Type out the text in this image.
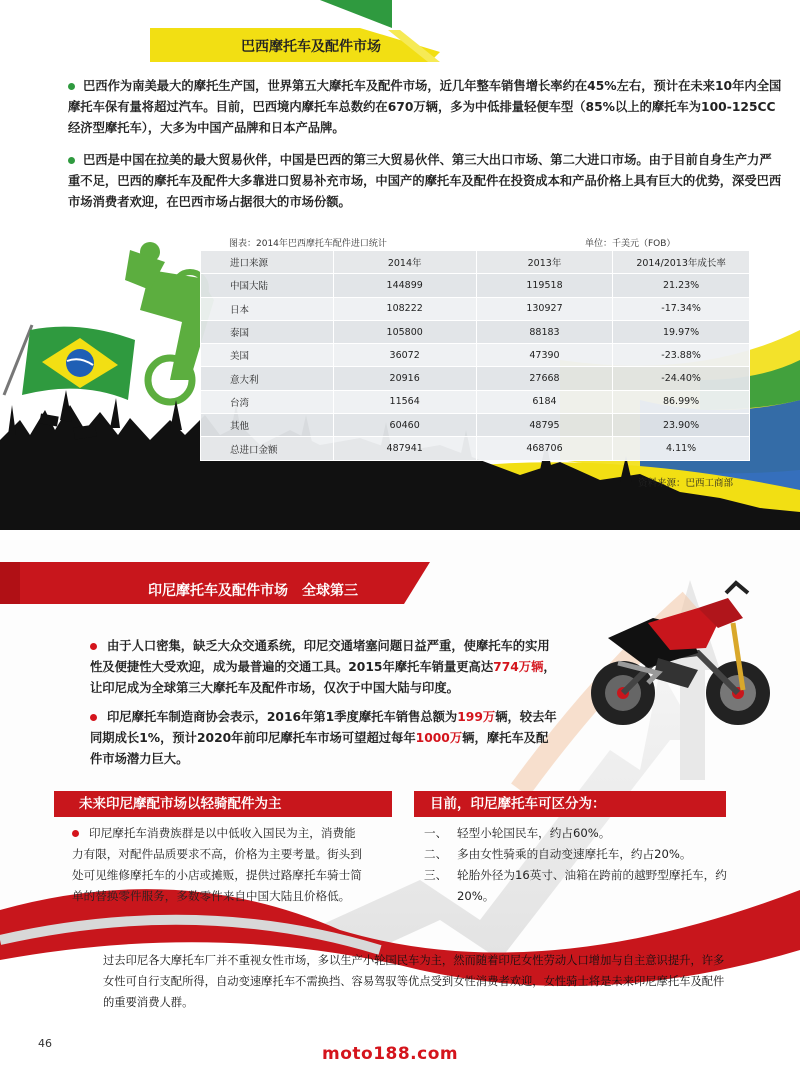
巴西摩托车及配件市场
巴西作为南美最大的摩托生产国，世界第五大摩托车及配件市场，近几年整车销售增长率约在45%左右，预计在未来10年内全国摩托车保有量将超过汽车。目前，巴西境内摩托车总数约在670万辆，多为中低排量轻便车型（85%以上的摩托车为100-125CC经济型摩托车），大多为中国产品牌和日本产品牌。
巴西是中国在拉美的最大贸易伙伴，中国是巴西的第三大贸易伙伴、第三大出口市场、第二大进口市场。由于目前自身生产力严重不足，巴西的摩托车及配件大多靠进口贸易补充市场，中国产的摩托车及配件在投资成本和产品价格上具有巨大的优势，深受巴西市场消费者欢迎，在巴西市场占据很大的市场份额。
图表：2014年巴西摩托车配件进口统计	单位：千美元（FOB）
进口来源	2014年	2013年	2014/2013年成长率
中国大陆	144899	119518	21.23%
日本	108222	130927	-17.34%
泰国	105800	88183	19.97%
美国	36072	47390	-23.88%
意大利	20916	27668	-24.40%
台湾	11564	6184	86.99%
其他	60460	48795	23.90%
总进口金额	487941	468706	4.11%
资料来源：巴西工商部
印尼摩托车及配件市场　全球第三
由于人口密集，缺乏大众交通系统，印尼交通堵塞问题日益严重，使摩托车的实用性及便捷性大受欢迎，成为最普遍的交通工具。2015年摩托车销量更高达774万辆，让印尼成为全球第三大摩托车及配件市场，仅次于中国大陆与印度。
印尼摩托车制造商协会表示，2016年第1季度摩托车销售总额为199万辆，较去年同期成长1%，预计2020年前印尼摩托车市场可望超过每年1000万辆，摩托车及配件市场潜力巨大。
未来印尼摩配市场以轻骑配件为主	目前，印尼摩托车可区分为：
印尼摩托车消费族群是以中低收入国民为主，消费能力有限，对配件品质要求不高，价格为主要考量。街头到处可见维修摩托车的小店或摊贩，提供过路摩托车骑士简单的替换零件服务，多数零件来自中国大陆且价格低。
一、 轻型小轮国民车，约占60%。
二、 多由女性骑乘的自动变速摩托车，约占20%。
三、 轮胎外径为16英寸、油箱在跨前的越野型摩托车，约20%。
过去印尼各大摩托车厂并不重视女性市场，多以生产小轮国民车为主，然而随着印尼女性劳动人口增加与自主意识提升，许多女性可自行支配所得，自动变速摩托车不需换挡、容易驾驭等优点受到女性消费者欢迎，女性骑士将是未来印尼摩托车及配件的重要消费人群。
46
moto188.com
